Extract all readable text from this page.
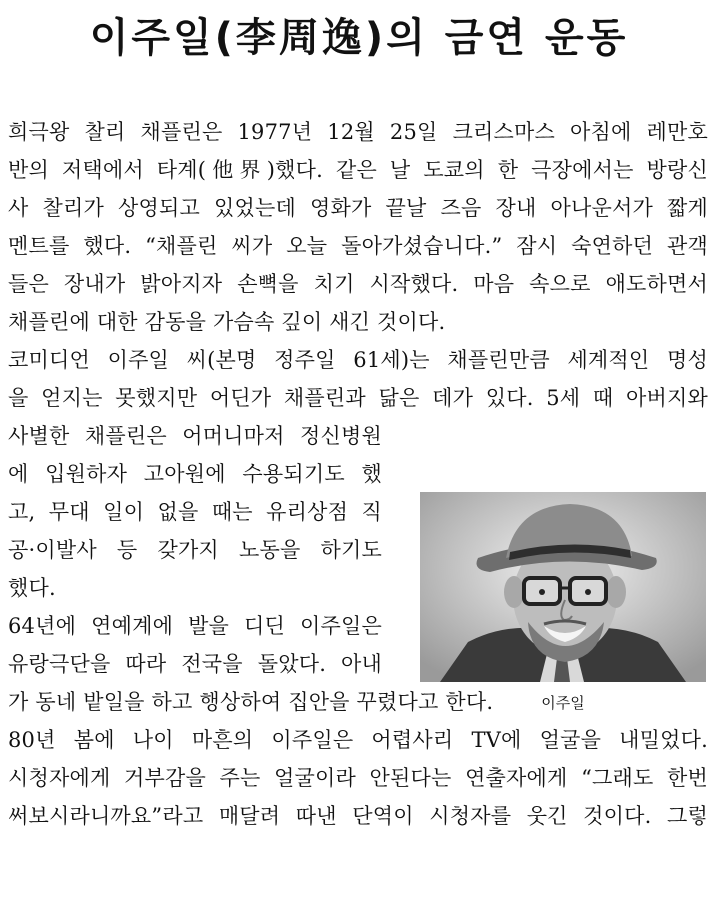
이주일(李周逸)의 금연 운동
희극왕 찰리 채플린은 1977년 12월 25일 크리스마스 아침에 레만호
반의 저택에서 타계(他界)했다. 같은 날 도쿄의 한 극장에서는 방랑신
사 찰리가 상영되고 있었는데 영화가 끝날 즈음 장내 아나운서가 짧게
멘트를 했다. “채플린 씨가 오늘 돌아가셨습니다.” 잠시 숙연하던 관객
들은 장내가 밝아지자 손뼉을 치기 시작했다. 마음 속으로 애도하면서
채플린에 대한 감동을 가슴속 깊이 새긴 것이다.
코미디언 이주일 씨(본명 정주일 61세)는 채플린만큼 세계적인 명성
을 얻지는 못했지만 어딘가 채플린과 닮은 데가 있다. 5세 때 아버지와
사별한 채플린은 어머니마저 정신병원
에 입원하자 고아원에 수용되기도 했
고, 무대 일이 없을 때는 유리상점 직
공·이발사 등 갖가지 노동을 하기도
했다.
64년에 연예계에 발을 디딘 이주일은
유랑극단을 따라 전국을 돌았다. 아내
가 동네 밭일을 하고 행상하여 집안을 꾸렸다고 한다.
80년 봄에 나이 마흔의 이주일은 어렵사리 TV에 얼굴을 내밀었다.
시청자에게 거부감을 주는 얼굴이라 안된다는 연출자에게 “그래도 한번
써보시라니까요”라고 매달려 따낸 단역이 시청자를 웃긴 것이다. 그렇
이주일
